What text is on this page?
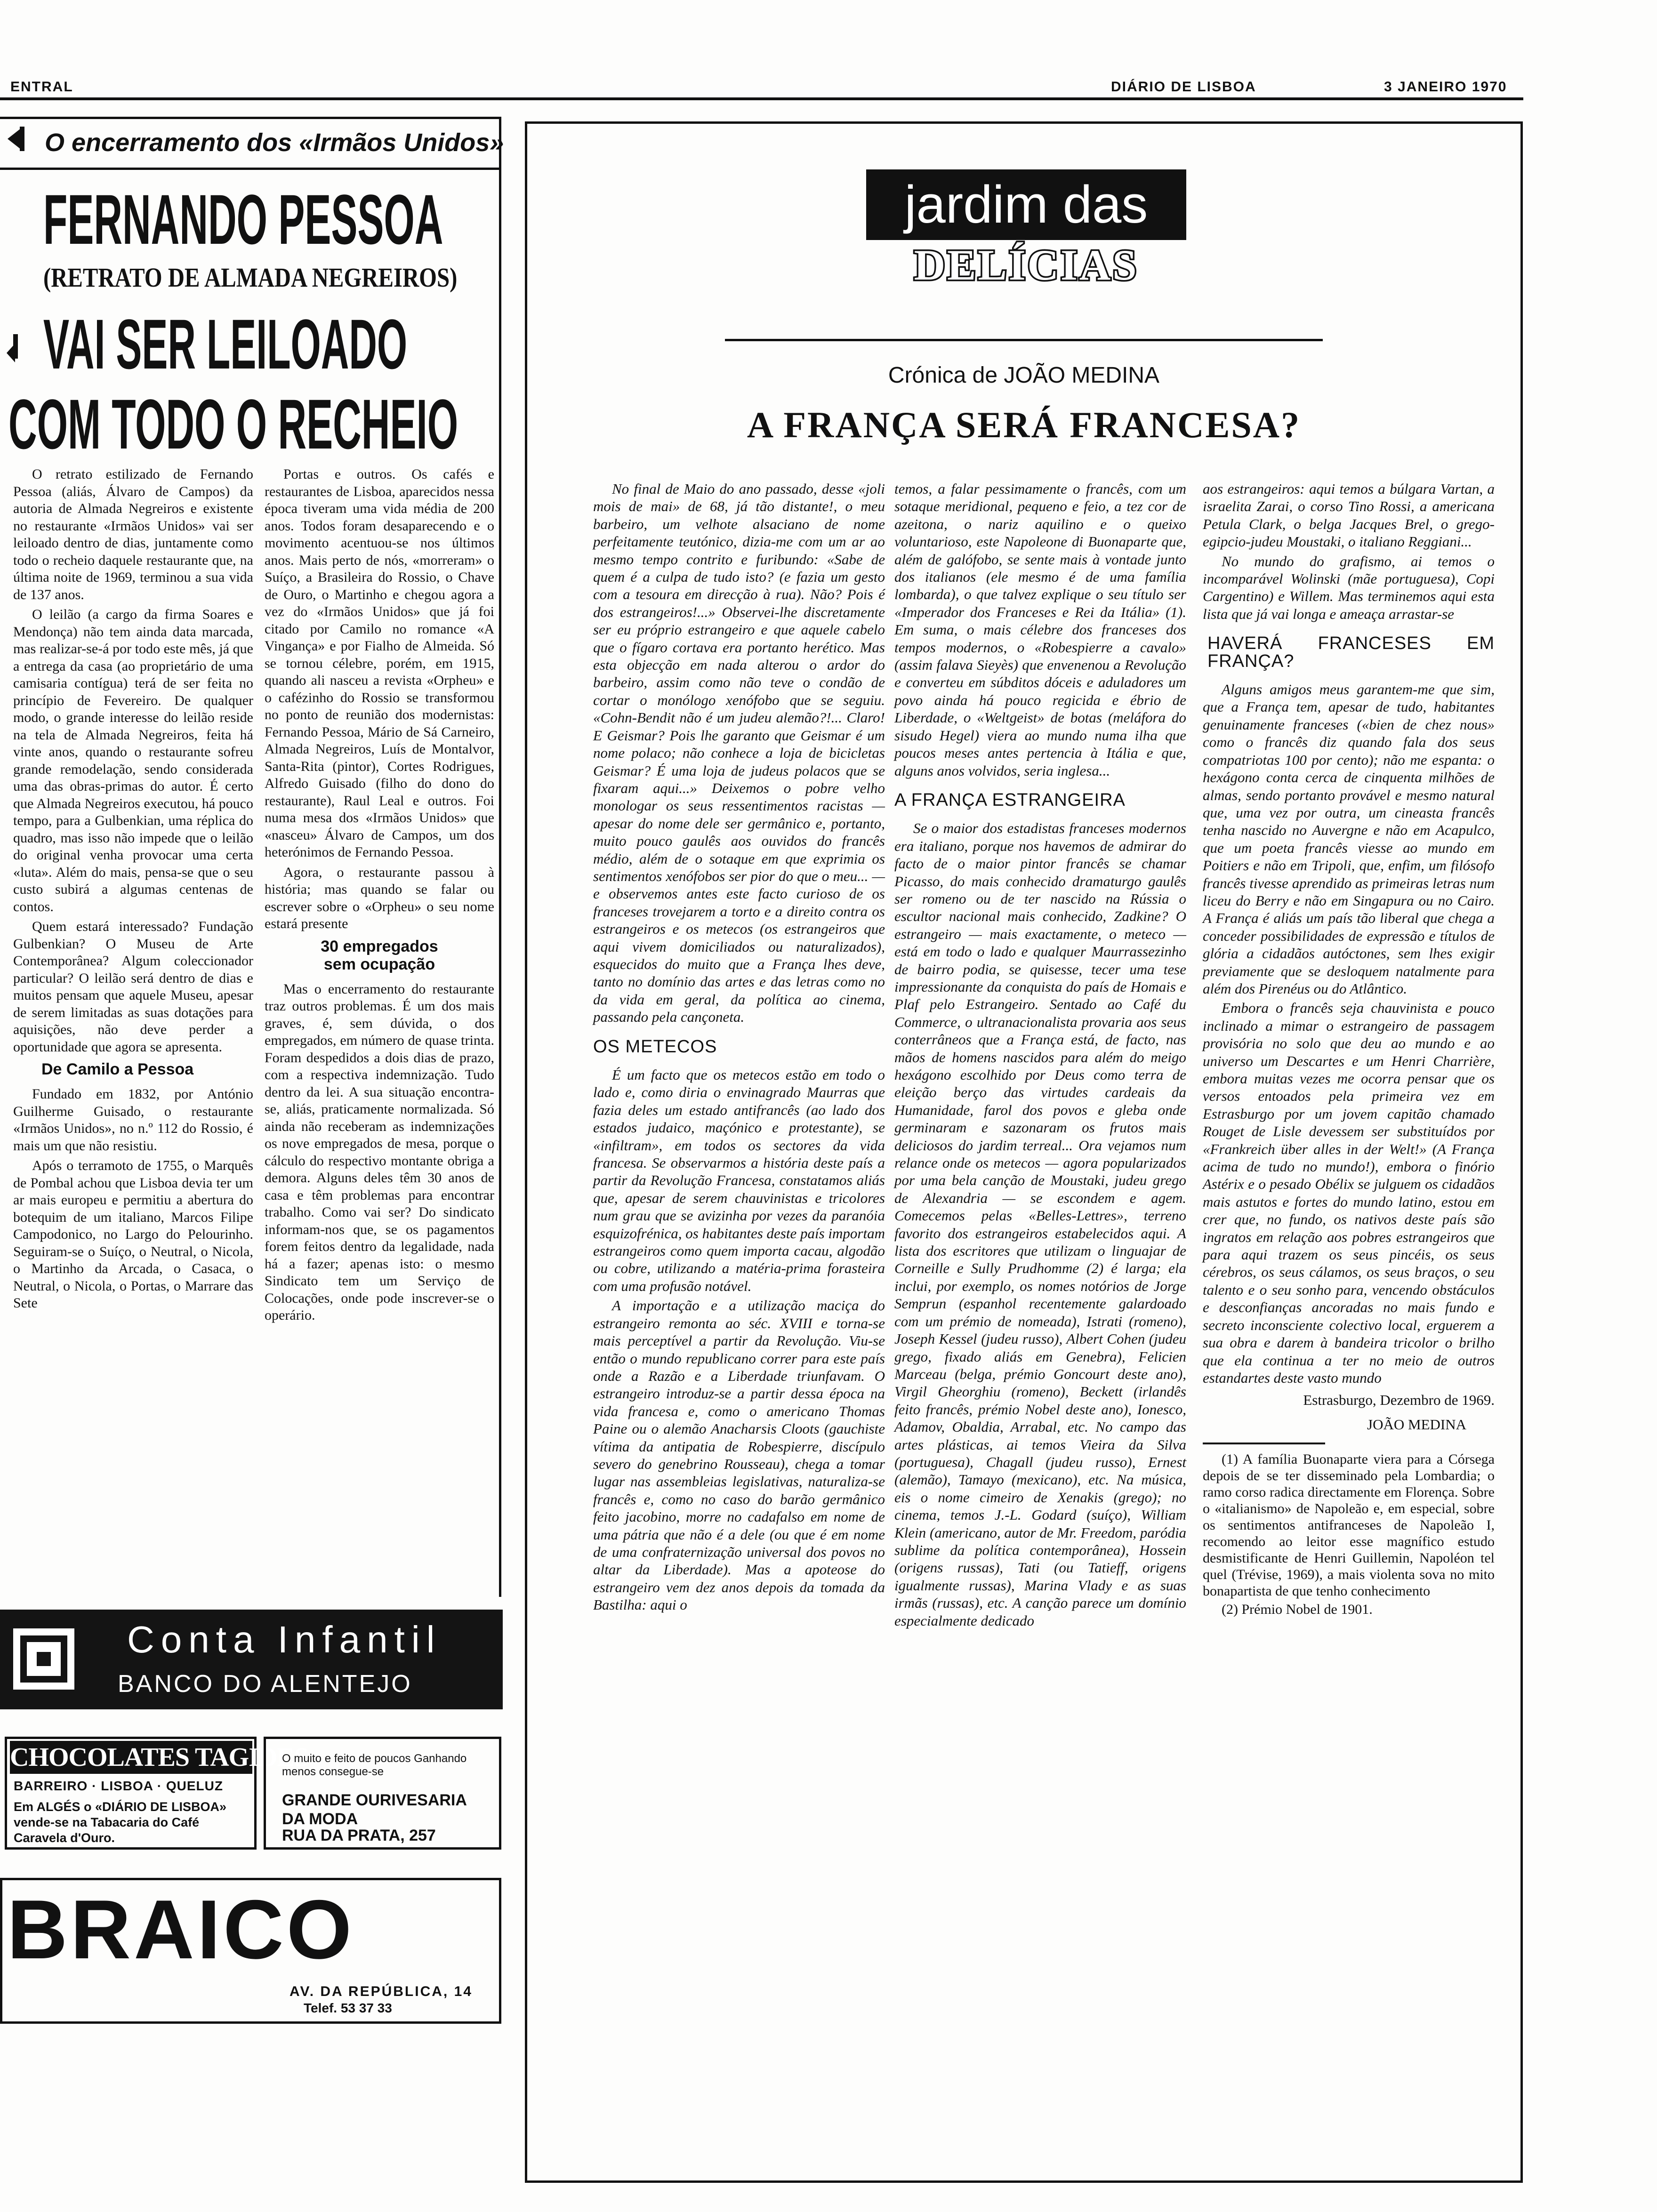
ENTRAL	DIÁRIO DE LISBOA	3 JANEIRO 1970
O encerramento dos «Irmãos Unidos»
FERNANDO PESSOA
(RETRATO DE ALMADA NEGREIROS)
VAI SER LEILOADO
COM TODO O RECHEIO

O retrato estilizado de Fernando Pessoa (aliás, Álvaro de Campos) da autoria de Almada Negreiros e existente no restaurante «Irmãos Unidos» vai ser leiloado dentro de dias, juntamente como todo o recheio daquele restaurante que, na última noite de 1969, terminou a sua vida de 137 anos.

O leilão (a cargo da firma Soares e Mendonça) não tem ainda data marcada, mas realizar-se-á por todo este mês, já que a entrega da casa (ao proprietário de uma camisaria contígua) terá de ser feita no princípio de Fevereiro. De qualquer modo, o grande interesse do leilão reside na tela de Almada Negreiros, feita há vinte anos, quando o restaurante sofreu grande remodelação, sendo considerada uma das obras-primas do autor. É certo que Almada Negreiros executou, há pouco tempo, para a Gulbenkian, uma réplica do quadro, mas isso não impede que o leilão do original venha provocar uma certa «luta». Além do mais, pensa-se que o seu custo subirá a algumas centenas de contos.

Quem estará interessado? Fundação Gulbenkian? O Museu de Arte Contemporânea? Algum coleccionador particular? O leilão será dentro de dias e muitos pensam que aquele Museu, apesar de serem limitadas as suas dotações para aquisições, não deve perder a oportunidade que agora se apresenta.

De Camilo a Pessoa

Fundado em 1832, por António Guilherme Guisado, o restaurante «Irmãos Unidos», no n.º 112 do Rossio, é mais um que não resistiu.

Após o terramoto de 1755, o Marquês de Pombal achou que Lisboa devia ter um ar mais europeu e permitiu a abertura do botequim de um italiano, Marcos Filipe Campodonico, no Largo do Pelourinho. Seguiram-se o Suíço, o Neutral, o Nicola, o Martinho da Arcada, o Casaca, o Neutral, o Nicola, o Portas, o Marrare das Sete

Portas e outros. Os cafés e restaurantes de Lisboa, aparecidos nessa época tiveram uma vida média de 200 anos. Todos foram desaparecendo e o movimento acentuou-se nos últimos anos. Mais perto de nós, «morreram» o Suíço, a Brasileira do Rossio, o Chave de Ouro, o Martinho e chegou agora a vez do «Irmãos Unidos» que já foi citado por Camilo no romance «A Vingança» e por Fialho de Almeida. Só se tornou célebre, porém, em 1915, quando ali nasceu a revista «Orpheu» e o cafézinho do Rossio se transformou no ponto de reunião dos modernistas: Fernando Pessoa, Mário de Sá Carneiro, Almada Negreiros, Luís de Montalvor, Santa-Rita (pintor), Cortes Rodrigues, Alfredo Guisado (filho do dono do restaurante), Raul Leal e outros. Foi numa mesa dos «Irmãos Unidos» que «nasceu» Álvaro de Campos, um dos heterónimos de Fernando Pessoa.

Agora, o restaurante passou à história; mas quando se falar ou escrever sobre o «Orpheu» o seu nome estará presente

30 empregados sem ocupação

Mas o encerramento do restaurante traz outros problemas. É um dos mais graves, é, sem dúvida, o dos empregados, em número de quase trinta. Foram despedidos a dois dias de prazo, com a respectiva indemnização. Tudo dentro da lei. A sua situação encontra-se, aliás, praticamente normalizada. Só ainda não receberam as indemnizações os nove empregados de mesa, porque o cálculo do respectivo montante obriga a demora. Alguns deles têm 30 anos de casa e têm problemas para encontrar trabalho. Como vai ser? Do sindicato informam-nos que, se os pagamentos forem feitos dentro da legalidade, nada há a fazer; apenas isto: o mesmo Sindicato tem um Serviço de Colocações, onde pode inscrever-se o operário.

Conta Infantil
BANCO DO ALENTEJO
CHOCOLATES TAGIDES
BARREIRO · LISBOA · QUELUZ
Em ALGÉS o «DIÁRIO DE LISBOA» vende-se na Tabacaria do Café Caravela d'Ouro.
O muito e feito de poucos Ganhando menos consegue-se
GRANDE OURIVESARIA DA MODA
RUA DA PRATA, 257
BRAICO
AV. DA REPÚBLICA, 14
Telef. 53 37 33
jardim das
DELÍCIAS
Crónica de JOÃO MEDINA
A FRANÇA SERÁ FRANCESA?

No final de Maio do ano passado, desse «joli mois de mai» de 68, já tão distante!, o meu barbeiro, um velhote alsaciano de nome perfeitamente teutónico, dizia-me com um ar ao mesmo tempo contrito e furibundo: «Sabe de quem é a culpa de tudo isto? (e fazia um gesto com a tesoura em direcção à rua). Não? Pois é dos estrangeiros!...» Observei-lhe discretamente ser eu próprio estrangeiro e que aquele cabelo que o fígaro cortava era portanto herético. Mas esta objecção em nada alterou o ardor do barbeiro, assim como não teve o condão de cortar o monólogo xenófobo que se seguiu. «Cohn-Bendit não é um judeu alemão?!... Claro! E Geismar? Pois lhe garanto que Geismar é um nome polaco; não conhece a loja de bicicletas Geismar? É uma loja de judeus polacos que se fixaram aqui...» Deixemos o pobre velho monologar os seus ressentimentos racistas — apesar do nome dele ser germânico e, portanto, muito pouco gaulês aos ouvidos do francês médio, além de o sotaque em que exprimia os sentimentos xenófobos ser pior do que o meu... — e observemos antes este facto curioso de os franceses trovejarem a torto e a direito contra os estrangeiros e os metecos (os estrangeiros que aqui vivem domiciliados ou naturalizados), esquecidos do muito que a França lhes deve, tanto no domínio das artes e das letras como no da vida em geral, da política ao cinema, passando pela cançoneta.

OS METECOS

É um facto que os metecos estão em todo o lado e, como diria o envinagrado Maurras que fazia deles um estado antifrancês (ao lado dos estados judaico, maçónico e protestante), se «infiltram», em todos os sectores da vida francesa. Se observarmos a história deste país a partir da Revolução Francesa, constatamos aliás que, apesar de serem chauvinistas e tricolores num grau que se avizinha por vezes da paranóia esquizofrénica, os habitantes deste país importam estrangeiros como quem importa cacau, algodão ou cobre, utilizando a matéria-prima forasteira com uma profusão notável.

A importação e a utilização maciça do estrangeiro remonta ao séc. XVIII e torna-se mais perceptível a partir da Revolução. Viu-se então o mundo republicano correr para este país onde a Razão e a Liberdade triunfavam. O estrangeiro introduz-se a partir dessa época na vida francesa e, como o americano Thomas Paine ou o alemão Anacharsis Cloots (gauchiste vítima da antipatia de Robespierre, discípulo severo do genebrino Rousseau), chega a tomar lugar nas assembleias legislativas, naturaliza-se francês e, como no caso do barão germânico feito jacobino, morre no cadafalso em nome de uma pátria que não é a dele (ou que é em nome de uma confraternização universal dos povos no altar da Liberdade). Mas a apoteose do estrangeiro vem dez anos depois da tomada da Bastilha: aqui o

temos, a falar pessimamente o francês, com um sotaque meridional, pequeno e feio, a tez cor de azeitona, o nariz aquilino e o queixo voluntarioso, este Napoleone di Buonaparte que, além de galófobo, se sente mais à vontade junto dos italianos (ele mesmo é de uma família lombarda), o que talvez explique o seu título ser «Imperador dos Franceses e Rei da Itália» (1). Em suma, o mais célebre dos franceses dos tempos modernos, o «Robespierre a cavalo» (assim falava Sieyès) que envenenou a Revolução e converteu em súbditos dóceis e aduladores um povo ainda há pouco regicida e ébrio de Liberdade, o «Weltgeist» de botas (meláfora do sisudo Hegel) viera ao mundo numa ilha que poucos meses antes pertencia à Itália e que, alguns anos volvidos, seria inglesa...

A FRANÇA ESTRANGEIRA

Se o maior dos estadistas franceses modernos era italiano, porque nos havemos de admirar do facto de o maior pintor francês se chamar Picasso, do mais conhecido dramaturgo gaulês ser romeno ou de ter nascido na Rússia o escultor nacional mais conhecido, Zadkine? O estrangeiro — mais exactamente, o meteco — está em todo o lado e qualquer Maurrassezinho de bairro podia, se quisesse, tecer uma tese impressionante da conquista do país de Homais e Plaf pelo Estrangeiro. Sentado ao Café du Commerce, o ultranacionalista provaria aos seus conterrâneos que a França está, de facto, nas mãos de homens nascidos para além do meigo hexágono escolhido por Deus como terra de eleição berço das virtudes cardeais da Humanidade, farol dos povos e gleba onde germinaram e sazonaram os frutos mais deliciosos do jardim terreal... Ora vejamos num relance onde os metecos — agora popularizados por uma bela canção de Moustaki, judeu grego de Alexandria — se escondem e agem. Comecemos pelas «Belles-Lettres», terreno favorito dos estrangeiros estabelecidos aqui. A lista dos escritores que utilizam o linguajar de Corneille e Sully Prudhomme (2) é larga; ela inclui, por exemplo, os nomes notórios de Jorge Semprun (espanhol recentemente galardoado com um prémio de nomeada), Istrati (romeno), Joseph Kessel (judeu russo), Albert Cohen (judeu grego, fixado aliás em Genebra), Felicien Marceau (belga, prémio Goncourt deste ano), Virgil Gheorghiu (romeno), Beckett (irlandês feito francês, prémio Nobel deste ano), Ionesco, Adamov, Obaldia, Arrabal, etc. No campo das artes plásticas, ai temos Vieira da Silva (portuguesa), Chagall (judeu russo), Ernest (alemão), Tamayo (mexicano), etc. Na música, eis o nome cimeiro de Xenakis (grego); no cinema, temos J.-L. Godard (suíço), William Klein (americano, autor de Mr. Freedom, paródia sublime da política contemporânea), Hossein (origens russas), Tati (ou Tatieff, origens igualmente russas), Marina Vlady e as suas irmãs (russas), etc. A canção parece um domínio especialmente dedicado

aos estrangeiros: aqui temos a búlgara Vartan, a israelita Zarai, o corso Tino Rossi, a americana Petula Clark, o belga Jacques Brel, o grego-egipcio-judeu Moustaki, o italiano Reggiani...

No mundo do grafismo, ai temos o incomparável Wolinski (mãe portuguesa), Copi Cargentino) e Willem. Mas terminemos aqui esta lista que já vai longa e ameaça arrastar-se

HAVERÁ FRANCESES EM FRANÇA?

Alguns amigos meus garantem-me que sim, que a França tem, apesar de tudo, habitantes genuinamente franceses («bien de chez nous» como o francês diz quando fala dos seus compatriotas 100 por cento); não me espanta: o hexágono conta cerca de cinquenta milhões de almas, sendo portanto provável e mesmo natural que, uma vez por outra, um cineasta francês tenha nascido no Auvergne e não em Acapulco, que um poeta francês viesse ao mundo em Poitiers e não em Tripoli, que, enfim, um filósofo francês tivesse aprendido as primeiras letras num liceu do Berry e não em Singapura ou no Cairo. A França é aliás um país tão liberal que chega a conceder possibilidades de expressão e títulos de glória a cidadãos autóctones, sem lhes exigir previamente que se desloquem natalmente para além dos Pirenéus ou do Atlântico.

Embora o francês seja chauvinista e pouco inclinado a mimar o estrangeiro de passagem provisória no solo que deu ao mundo e ao universo um Descartes e um Henri Charrière, embora muitas vezes me ocorra pensar que os versos entoados pela primeira vez em Estrasburgo por um jovem capitão chamado Rouget de Lisle devessem ser substituídos por «Frankreich über alles in der Welt!» (A França acima de tudo no mundo!), embora o finório Astérix e o pesado Obélix se julguem os cidadãos mais astutos e fortes do mundo latino, estou em crer que, no fundo, os nativos deste país são ingratos em relação aos pobres estrangeiros que para aqui trazem os seus pincéis, os seus cérebros, os seus cálamos, os seus braços, o seu talento e o seu sonho para, vencendo obstáculos e desconfianças ancoradas no mais fundo e secreto inconsciente colectivo local, erguerem a sua obra e darem à bandeira tricolor o brilho que ela continua a ter no meio de outros estandartes deste vasto mundo

Estrasburgo, Dezembro de 1969.

JOÃO MEDINA

(1) A família Buonaparte viera para a Córsega depois de se ter disseminado pela Lombardia; o ramo corso radica directamente em Florença. Sobre o «italianismo» de Napoleão e, em especial, sobre os sentimentos antifranceses de Napoleão I, recomendo ao leitor esse magnífico estudo desmistificante de Henri Guillemin, Napoléon tel quel (Trévise, 1969), a mais violenta sova no mito bonapartista de que tenho conhecimento

(2) Prémio Nobel de 1901.
